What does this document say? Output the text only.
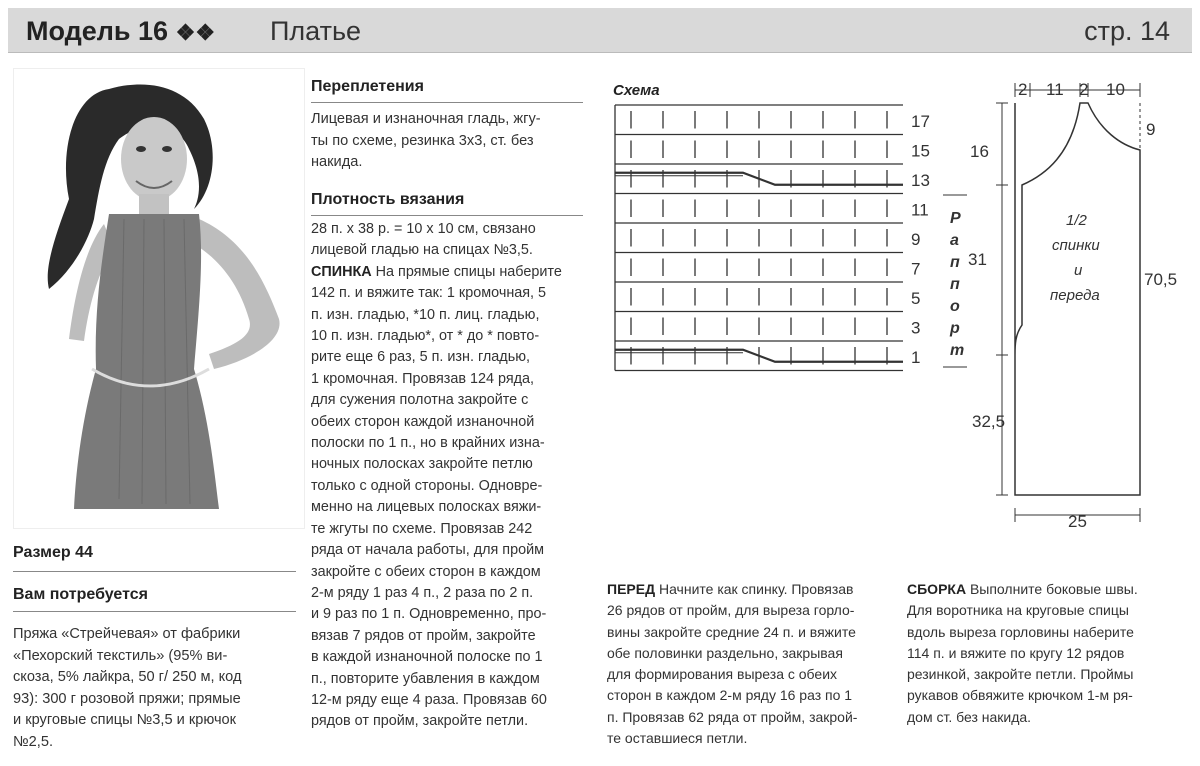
Модель 16 ❖❖ Платье	стр. 14
Размер 44
Вам потребуется
Пряжа «Стрейчевая» от фабрики
«Пехорский текстиль» (95% ви-
скоза, 5% лайкра, 50 г/ 250 м, код
93): 300 г розовой пряжи; прямые
и круговые спицы №3,5 и крючок
№2,5.
Переплетения
Лицевая и изнаночная гладь, жгу-
ты по схеме, резинка 3х3, ст. без
накида.
Плотность вязания
28 п. х 38 р. = 10 х 10 см, связано
лицевой гладью на спицах №3,5.
СПИНКА На прямые спицы наберите
142 п. и вяжите так: 1 кромочная, 5
п. изн. гладью, *10 п. лиц. гладью,
10 п. изн. гладью*, от * до * повто-
рите еще 6 раз, 5 п. изн. гладью,
1 кромочная. Провязав 124 ряда,
для сужения полотна закройте с
обеих сторон каждой изнаночной
полоски по 1 п., но в крайних изна-
ночных полосках закройте петлю
только с одной стороны. Одновре-
менно на лицевых полосках вяжи-
те жгуты по схеме. Провязав 242
ряда от начала работы, для пройм
закройте с обеих сторон в каждом
2-м ряду 1 раз 4 п., 2 раза по 2 п.
и 9 раз по 1 п. Одновременно, про-
вязав 7 рядов от пройм, закройте
в каждой изнаночной полоске по 1
п., повторите убавления в каждом
12-м ряду еще 4 раза. Провязав 60
рядов от пройм, закройте петли.
Схема
17
15
13
11
9
7
5
3
1
Р
а
п
п
о
р
т
2 11 2 10
9
16
31
70,5
32,5
25
1/2
спинки
и
переда
ПЕРЕД Начните как спинку. Провязав
26 рядов от пройм, для выреза горло-
вины закройте средние 24 п. и вяжите
обе половинки раздельно, закрывая
для формирования выреза с обеих
сторон в каждом 2-м ряду 16 раз по 1
п. Провязав 62 ряда от пройм, закрой-
те оставшиеся петли.
СБОРКА Выполните боковые швы.
Для воротника на круговые спицы
вдоль выреза горловины наберите
114 п. и вяжите по кругу 12 рядов
резинкой, закройте петли. Проймы
рукавов обвяжите крючком 1-м ря-
дом ст. без накида.
